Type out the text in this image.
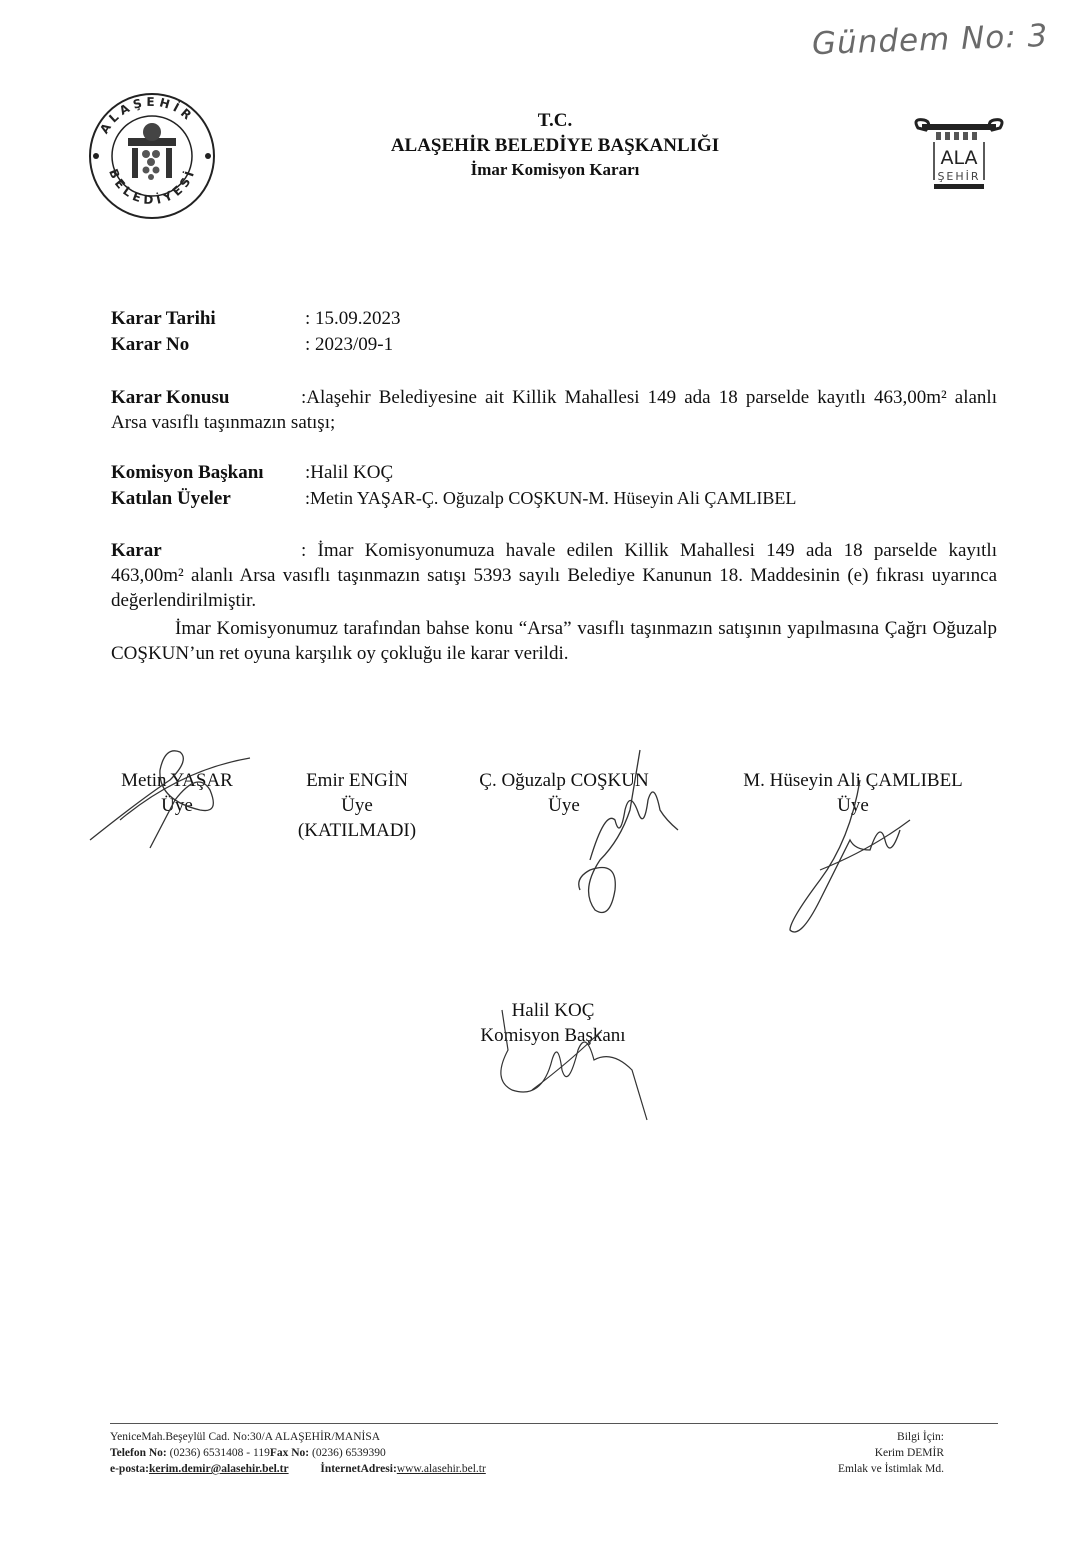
Gündem No: 3
ALAŞEHİR
BELEDİYESİ
T.C.
ALAŞEHİR BELEDİYE BAŞKANLIĞI
İmar Komisyon Kararı
ALA
ŞEHİR
Karar Tarihi	: 15.09.2023
Karar No	: 2023/09-1
Karar Konusu	:Alaşehir Belediyesine ait Killik Mahallesi 149 ada 18 parselde kayıtlı 463,00m² alanlı Arsa vasıflı taşınmazın satışı;
Komisyon Başkanı :Halil KOÇ
Katılan Üyeler	:Metin YAŞAR-Ç. Oğuzalp COŞKUN-M. Hüseyin Ali ÇAMLIBEL
Karar	: İmar Komisyonumuza havale edilen Killik Mahallesi 149 ada 18 parselde kayıtlı 463,00m² alanlı Arsa vasıflı taşınmazın satışı 5393 sayılı Belediye Kanunun 18. Maddesinin (e) fıkrası uyarınca değerlendirilmiştir.
İmar Komisyonumuz tarafından bahse konu “Arsa” vasıflı taşınmazın satışının yapılmasına Çağrı Oğuzalp COŞKUN’un ret oyuna karşılık oy çokluğu ile karar verildi.
Metin YAŞAR
Üye
Emir ENGİN
Üye
(KATILMADI)
Ç. Oğuzalp COŞKUN
Üye
M. Hüseyin Ali ÇAMLIBEL
Üye
Halil KOÇ
Komisyon Başkanı
YeniceMah.Beşeylül Cad. No:30/A ALAŞEHİR/MANİSA
Telefon No: (0236) 6531408 - 119Fax No: (0236) 6539390
e-posta:kerim.demir@alasehir.bel.tr	İnternetAdresi:www.alasehir.bel.tr
Bilgi İçin:
Kerim DEMİR
Emlak ve İstimlak Md.
